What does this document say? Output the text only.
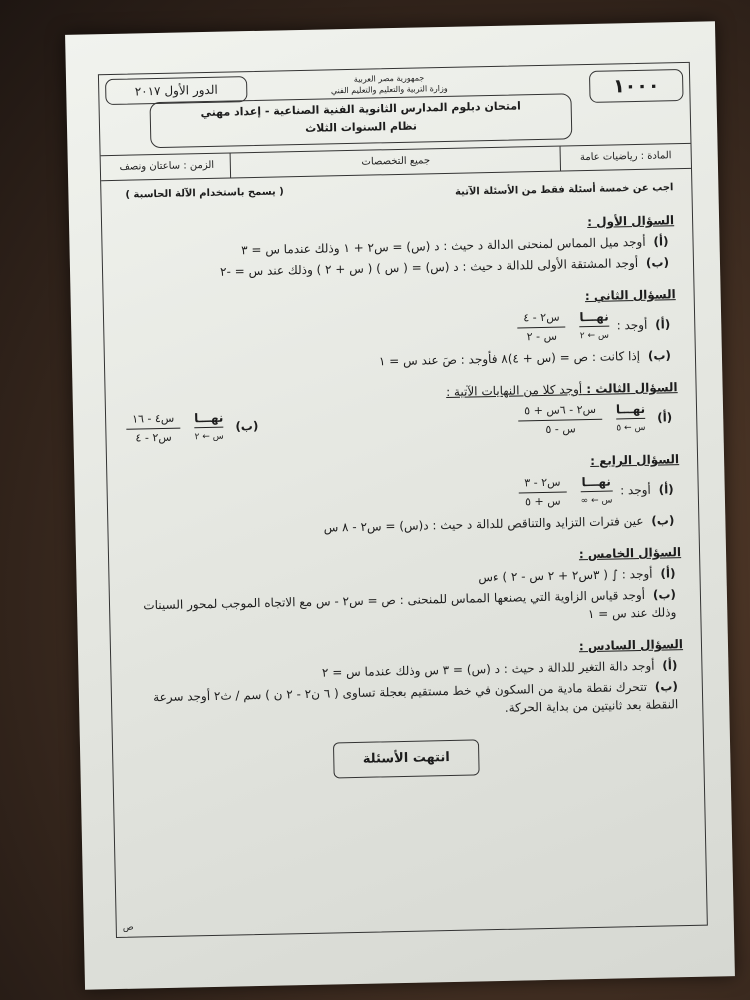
١٠٠٠
جمهورية مصر العربية
وزارة التربية والتعليم والتعليم الفني
الدور الأول ٢٠١٧
امتحان دبلوم المدارس الثانوية الفنية الصناعية - إعداد مهني
نظام السنوات الثلاث
المادة : رياضيات عامة
جميع التخصصات
الزمن : ساعتان ونصف
اجب عن خمسة أسئلة فقط من الأسئلة الآتية
( يسمح باستخدام الآلة الحاسبة )
السؤال الأول :
(أ) أوجد ميل المماس لمنحنى الدالة د حيث : د (س) = س٢ + ١ وذلك عندما س = ٣
(ب) أوجد المشتقة الأولى للدالة د حيث : د (س) = ( س ) ( س + ٢ ) وذلك عند س = -٢
السؤال الثاني :
(أ) أوجد :
نهـــا
س ← ٢

$\frac{\text{س٢ - ٤}}{\text{س - ٢}}$
(ب) إذا كانت : ص = (س + ٤)٨ فأوجد : صَ عند س = ١
السؤال الثالث : أوجد كلا من النهايات الآتية :
(أ)
نهـــا
س ← ٥

$\frac{\text{س٢ - ٦س + ٥}}{\text{س - ٥}}$
(ب)
نهـــا
س ← ٢

$\frac{\text{س٤ - ١٦}}{\text{س٢ - ٤}}$
السؤال الرابع :
(أ) أوجد :
نهـــا
س ← ∞

$\frac{\text{س٢ - ٣}}{\text{س + ٥}}$
(ب) عين فترات التزايد والتناقص للدالة د حيث : د(س) = س٢ - ٨ س
السؤال الخامس :
(أ) أوجد : ∫ ( ٣س٢ + ٢ س - ٢ ) ءس
(ب) أوجد قياس الزاوية التي يصنعها المماس للمنحنى : ص = س٢ - س مع الاتجاه الموجب لمحور السينات وذلك عند س = ١
السؤال السادس :
(أ) أوجد دالة التغير للدالة د حيث : د (س) = ٣ س وذلك عندما س = ٢
(ب) تتحرك نقطة مادية من السكون في خط مستقيم بعجلة تساوى ( ٦ ن٢ - ٢ ن ) سم / ث٢ أوجد سرعة النقطة بعد ثانيتين من بداية الحركة.
انتهت الأسئلة
ص
